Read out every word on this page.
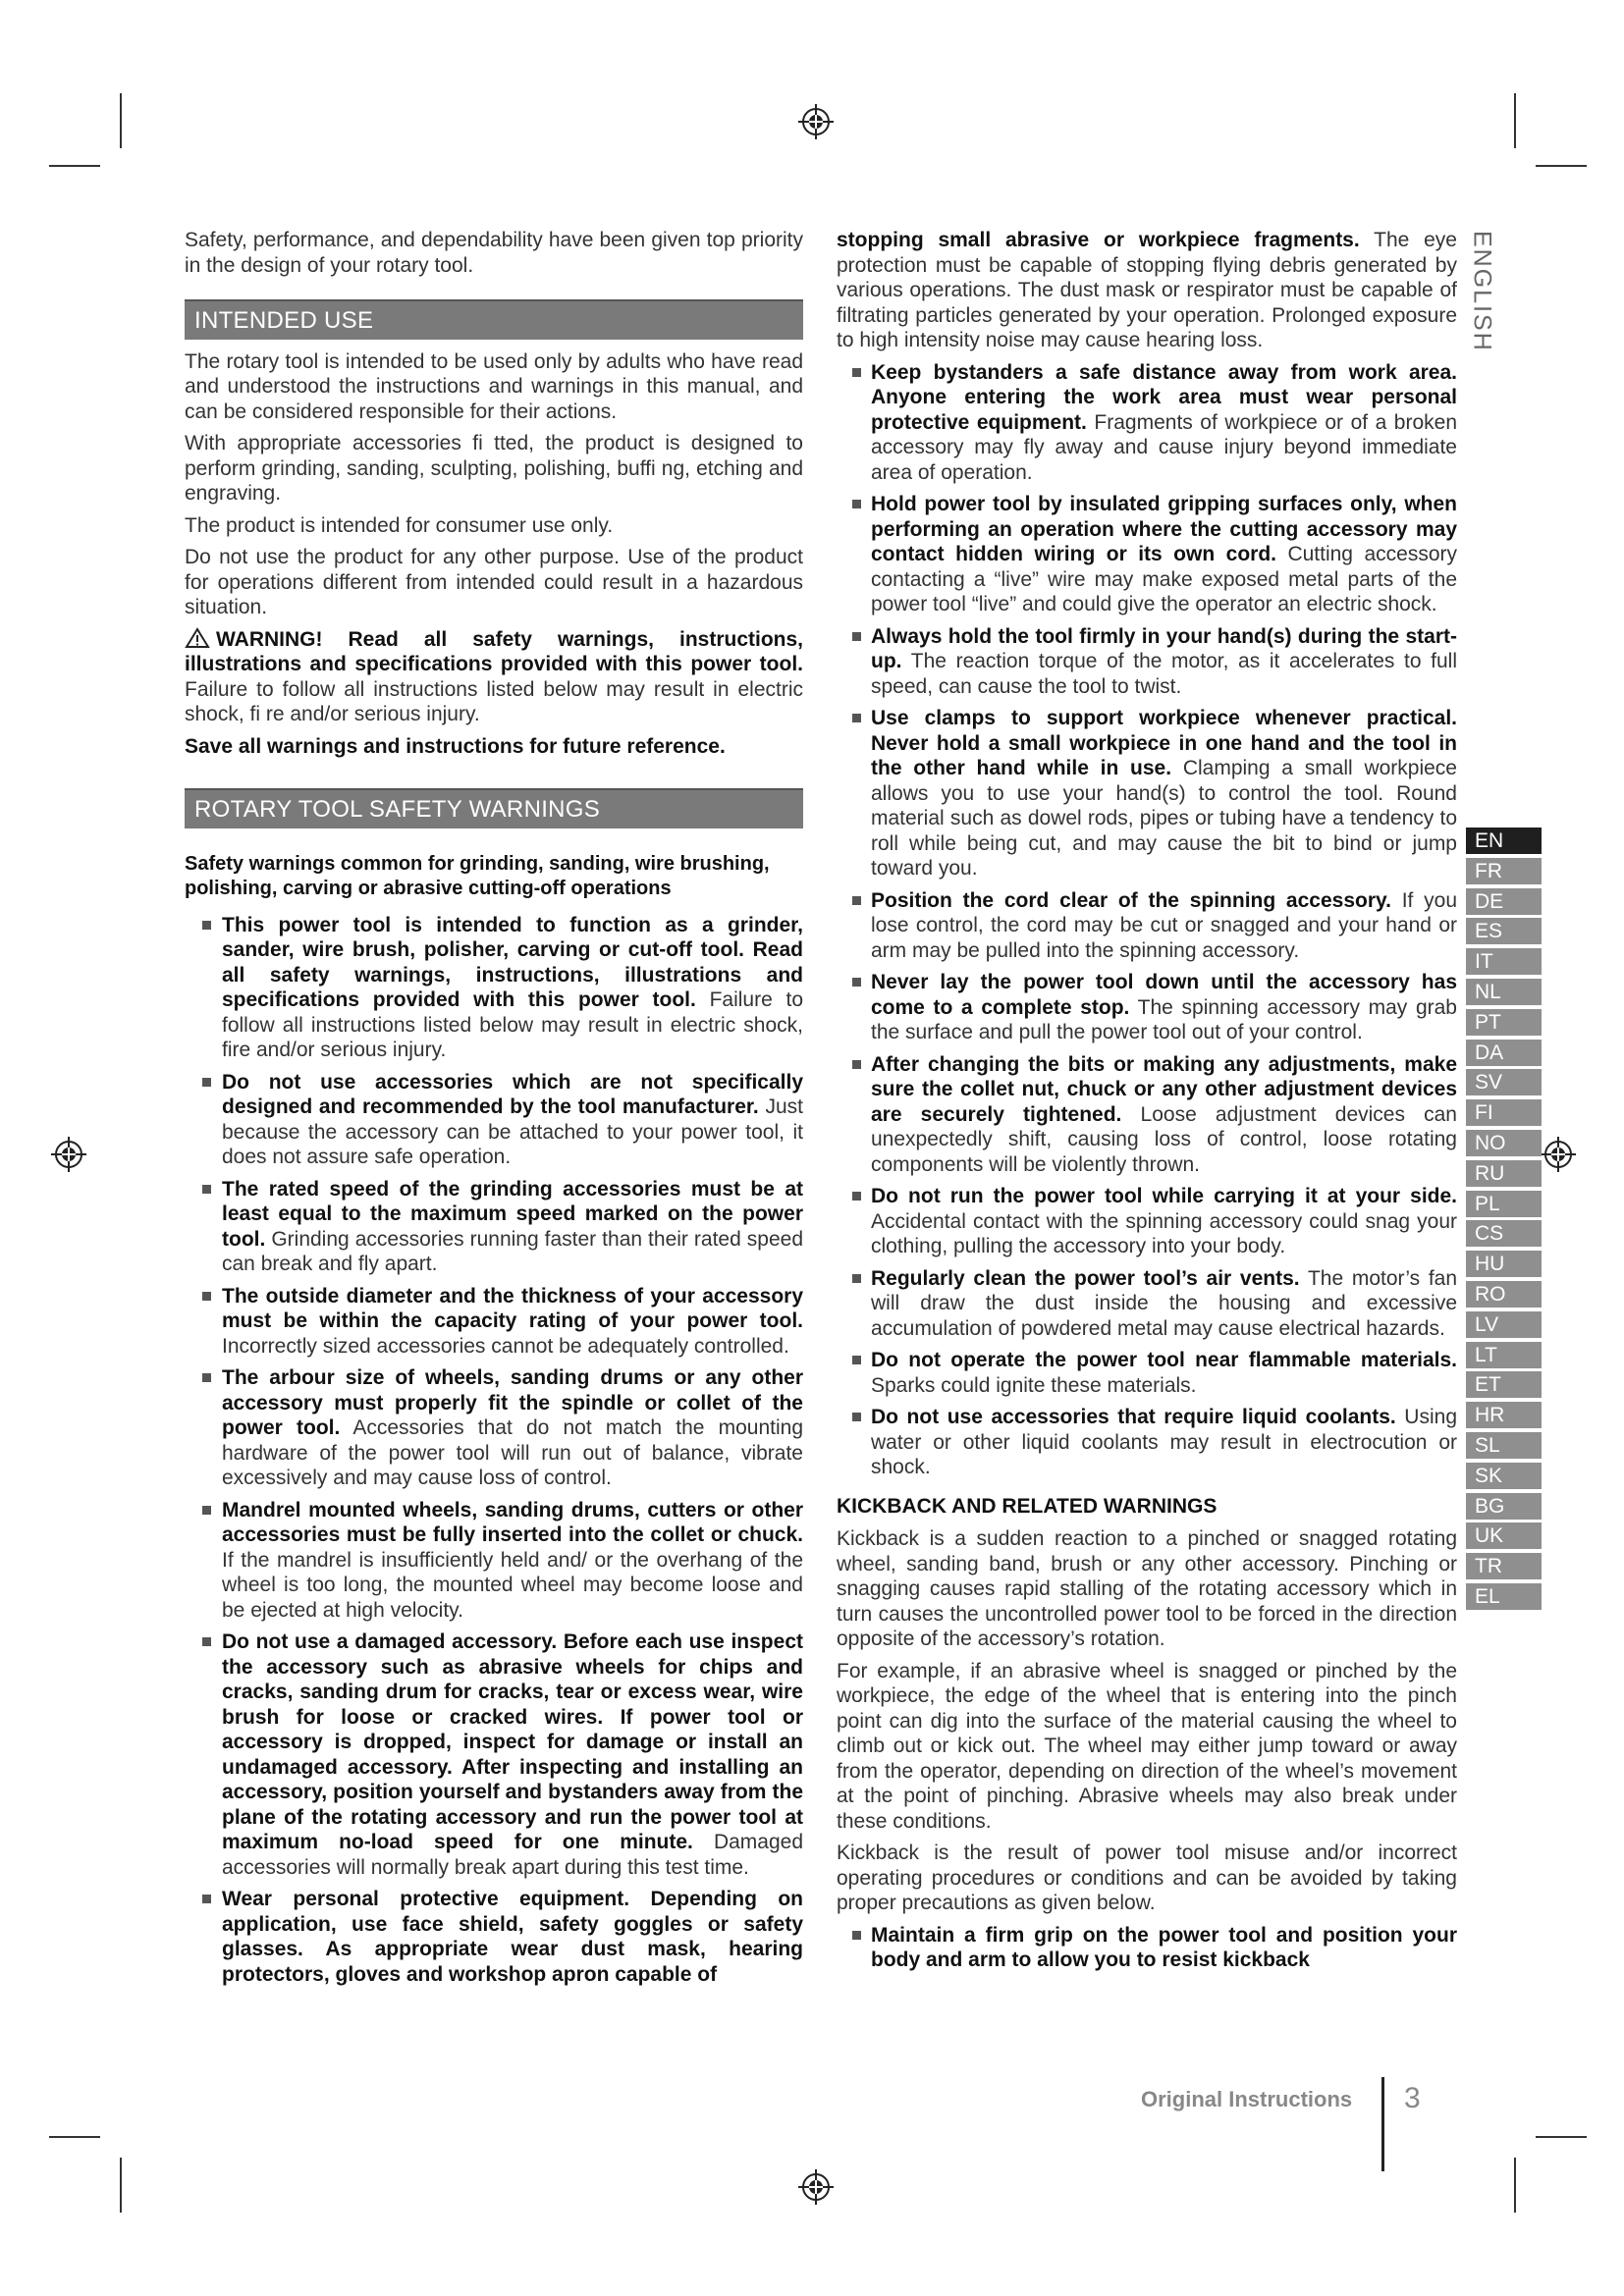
Safety, performance, and dependability have been given top priority in the design of your rotary tool.

INTENDED USE

The rotary tool is intended to be used only by adults who have read and understood the instructions and warnings in this manual, and can be considered responsible for their actions.

With appropriate accessories fi tted, the product is designed to perform grinding, sanding, sculpting, polishing, buffi ng, etching and engraving.

The product is intended for consumer use only.

Do not use the product for any other purpose. Use of the product for operations different from intended could result in a hazardous situation.

WARNING! Read all safety warnings, instructions, illustrations and specifications provided with this power tool. Failure to follow all instructions listed below may result in electric shock, fi re and/or serious injury.

Save all warnings and instructions for future reference.

ROTARY TOOL SAFETY WARNINGS
Safety warnings common for grinding, sanding, wire brushing, polishing, carving or abrasive cutting-off operations
This power tool is intended to function as a grinder, sander, wire brush, polisher, carving or cut-off tool. Read all safety warnings, instructions, illustrations and specifications provided with this power tool. Failure to follow all instructions listed below may result in electric shock, fire and/or serious injury.
Do not use accessories which are not specifically designed and recommended by the tool manufacturer. Just because the accessory can be attached to your power tool, it does not assure safe operation.
The rated speed of the grinding accessories must be at least equal to the maximum speed marked on the power tool. Grinding accessories running faster than their rated speed can break and fly apart.
The outside diameter and the thickness of your accessory must be within the capacity rating of your power tool. Incorrectly sized accessories cannot be adequately controlled.
The arbour size of wheels, sanding drums or any other accessory must properly fit the spindle or collet of the power tool. Accessories that do not match the mounting hardware of the power tool will run out of balance, vibrate excessively and may cause loss of control.
Mandrel mounted wheels, sanding drums, cutters or other accessories must be fully inserted into the collet or chuck. If the mandrel is insufficiently held and/ or the overhang of the wheel is too long, the mounted wheel may become loose and be ejected at high velocity.
Do not use a damaged accessory. Before each use inspect the accessory such as abrasive wheels for chips and cracks, sanding drum for cracks, tear or excess wear, wire brush for loose or cracked wires. If power tool or accessory is dropped, inspect for damage or install an undamaged accessory. After inspecting and installing an accessory, position yourself and bystanders away from the plane of the rotating accessory and run the power tool at maximum no-load speed for one minute. Damaged accessories will normally break apart during this test time.
Wear personal protective equipment. Depending on application, use face shield, safety goggles or safety glasses. As appropriate wear dust mask, hearing protectors, gloves and workshop apron capable of

stopping small abrasive or workpiece fragments. The eye protection must be capable of stopping flying debris generated by various operations. The dust mask or respirator must be capable of filtrating particles generated by your operation. Prolonged exposure to high intensity noise may cause hearing loss.

Keep bystanders a safe distance away from work area. Anyone entering the work area must wear personal protective equipment. Fragments of workpiece or of a broken accessory may fly away and cause injury beyond immediate area of operation.
Hold power tool by insulated gripping surfaces only, when performing an operation where the cutting accessory may contact hidden wiring or its own cord. Cutting accessory contacting a “live” wire may make exposed metal parts of the power tool “live” and could give the operator an electric shock.
Always hold the tool firmly in your hand(s) during the start-up. The reaction torque of the motor, as it accelerates to full speed, can cause the tool to twist.
Use clamps to support workpiece whenever practical. Never hold a small workpiece in one hand and the tool in the other hand while in use. Clamping a small workpiece allows you to use your hand(s) to control the tool. Round material such as dowel rods, pipes or tubing have a tendency to roll while being cut, and may cause the bit to bind or jump toward you.
Position the cord clear of the spinning accessory. If you lose control, the cord may be cut or snagged and your hand or arm may be pulled into the spinning accessory.
Never lay the power tool down until the accessory has come to a complete stop. The spinning accessory may grab the surface and pull the power tool out of your control.
After changing the bits or making any adjustments, make sure the collet nut, chuck or any other adjustment devices are securely tightened. Loose adjustment devices can unexpectedly shift, causing loss of control, loose rotating components will be violently thrown.
Do not run the power tool while carrying it at your side. Accidental contact with the spinning accessory could snag your clothing, pulling the accessory into your body.
Regularly clean the power tool’s air vents. The motor’s fan will draw the dust inside the housing and excessive accumulation of powdered metal may cause electrical hazards.
Do not operate the power tool near flammable materials. Sparks could ignite these materials.
Do not use accessories that require liquid coolants. Using water or other liquid coolants may result in electrocution or shock.
KICKBACK AND RELATED WARNINGS

Kickback is a sudden reaction to a pinched or snagged rotating wheel, sanding band, brush or any other accessory. Pinching or snagging causes rapid stalling of the rotating accessory which in turn causes the uncontrolled power tool to be forced in the direction opposite of the accessory’s rotation.

For example, if an abrasive wheel is snagged or pinched by the workpiece, the edge of the wheel that is entering into the pinch point can dig into the surface of the material causing the wheel to climb out or kick out. The wheel may either jump toward or away from the operator, depending on direction of the wheel’s movement at the point of pinching. Abrasive wheels may also break under these conditions.

Kickback is the result of power tool misuse and/or incorrect operating procedures or conditions and can be avoided by taking proper precautions as given below.

Maintain a firm grip on the power tool and position your body and arm to allow you to resist kickback
ENGLISH
EN
FR
DE
ES
IT
NL
PT
DA
SV
FI
NO
RU
PL
CS
HU
RO
LV
LT
ET
HR
SL
SK
BG
UK
TR
EL
Original Instructions 3
